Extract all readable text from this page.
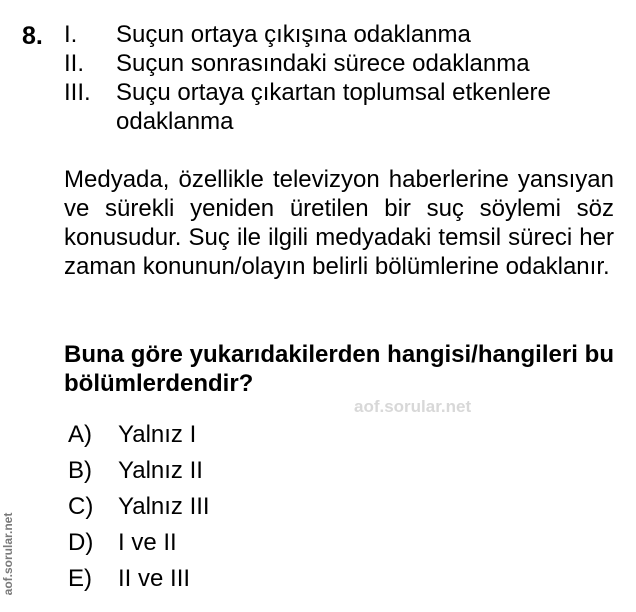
8. I.	Suçun ortaya çıkışına odaklanma
II.	Suçun sonrasındaki sürece odaklanma
III.	Suçu ortaya çıkartan toplumsal etkenlere odaklanma
Medyada, özellikle televizyon haberlerine yansıyan ve sürekli yeniden üretilen bir suç söylemi söz konusudur. Suç ile ilgili medyadaki temsil süreci her zaman konunun/olayın belirli bölümlerine odaklanır.
Buna göre yukarıdakilerden hangisi/hangileri bu bölümlerdendir?
aof.sorular.net
A)	Yalnız I
B)	Yalnız II
C)	Yalnız III
D)	I ve II
E)	II ve III
aof.sorular.net
